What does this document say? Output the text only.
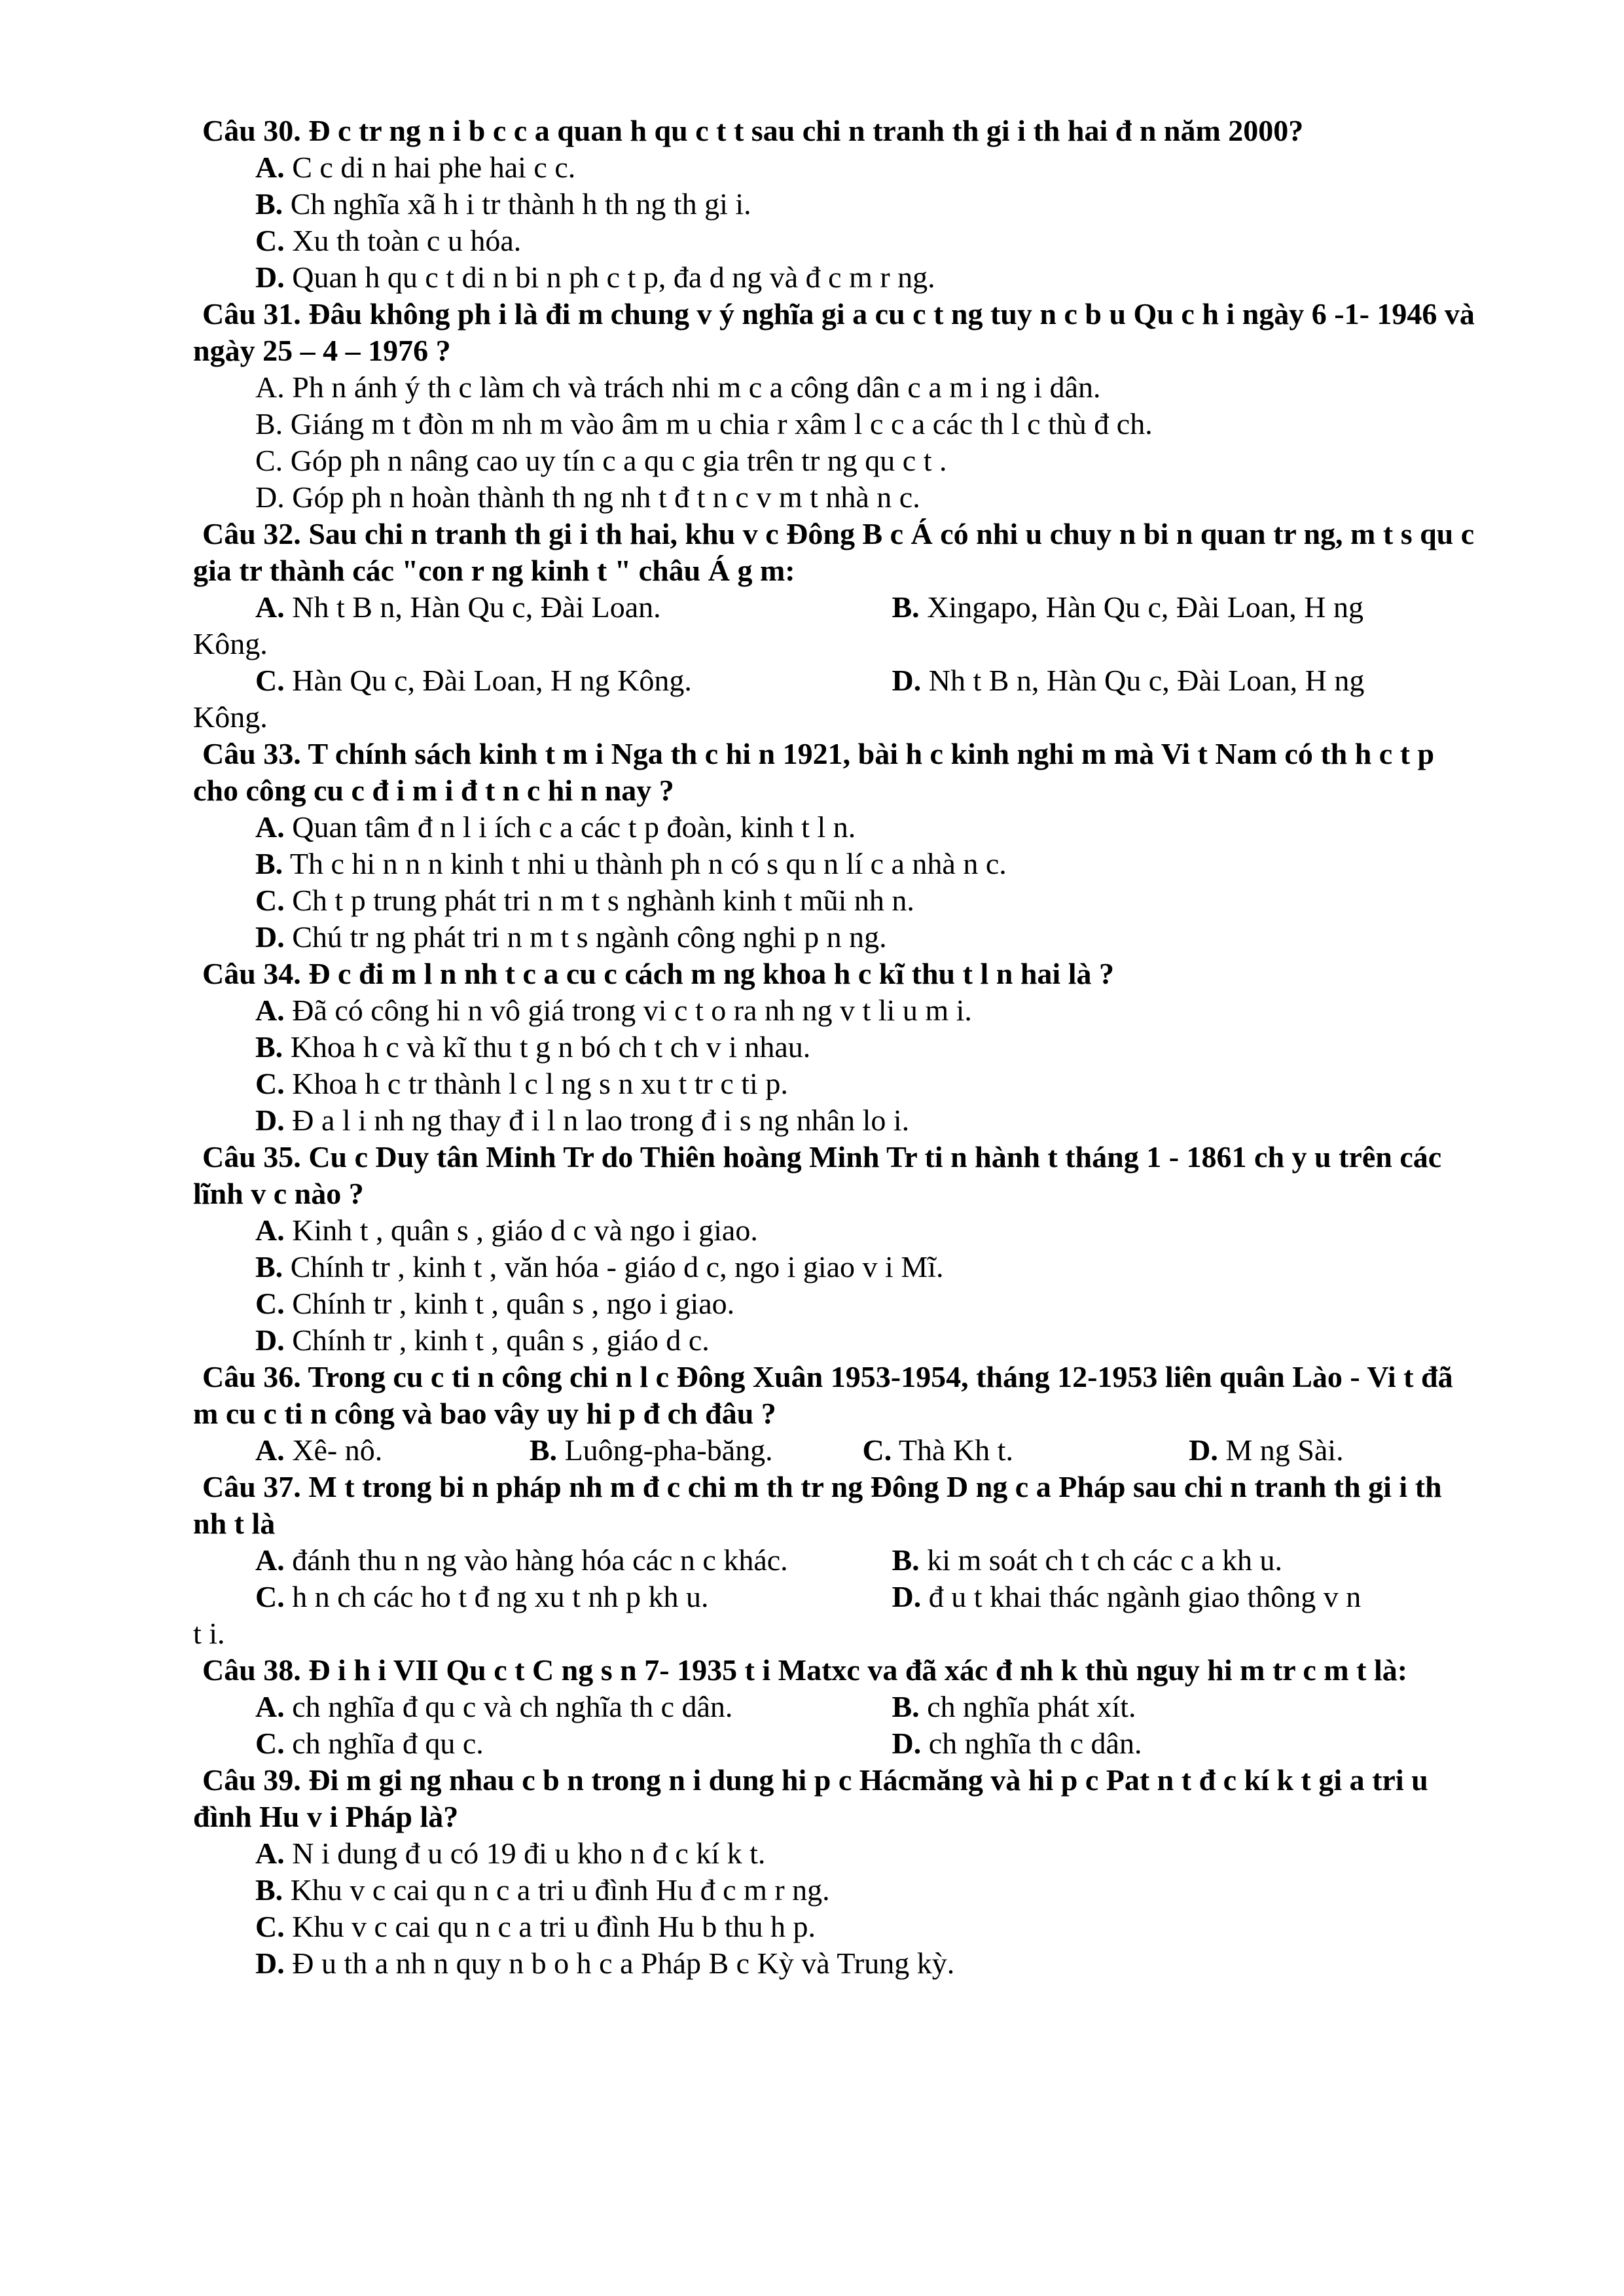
Câu 30. Đ c tr ng n i b c c a quan h qu c t t sau chi n tranh th gi i th hai đ n năm 2000?
A. C c di n hai phe hai c c.
B. Ch nghĩa xã h i tr thành h th ng th gi i.
C. Xu th toàn c u hóa.
D. Quan h qu c t di n bi n ph c t p, đa d ng và đ c m r ng.
Câu 31. Đâu không ph i là đi m chung v ý nghĩa gi a cu c t ng tuy n c b u Qu c h i ngày 6 -1- 1946 và ngày 25 – 4 – 1976 ?
A. Ph n ánh ý th c làm ch và trách nhi m c a công dân c a m i ng i dân.
B. Giáng m t đòn m nh m vào âm m u chia r xâm l c c a các th l c thù đ ch.
C. Góp ph n nâng cao uy tín c a qu c gia trên tr ng qu c t .
D. Góp ph n hoàn thành th ng nh t đ t n c v m t nhà n c.
Câu 32. Sau chi n tranh th gi i th hai, khu v c Đông B c Á có nhi u chuy n bi n quan tr ng, m t s qu c gia tr thành các "con r ng kinh t " châu Á g m:
A. Nh t B n, Hàn Qu c, Đài Loan.	B. Xingapo, Hàn Qu c, Đài Loan, H ng
Kông.
C. Hàn Qu c, Đài Loan, H ng Kông.	D. Nh t B n, Hàn Qu c, Đài Loan, H ng
Kông.
Câu 33. T chính sách kinh t m i Nga th c hi n 1921, bài h c kinh nghi m mà Vi t Nam có th h c t p cho công cu c đ i m i đ t n c hi n nay ?
A. Quan tâm đ n l i ích c a các t p đoàn, kinh t l n.
B. Th c hi n n n kinh t nhi u thành ph n có s qu n lí c a nhà n c.
C. Ch t p trung phát tri n m t s nghành kinh t mũi nh n.
D. Chú tr ng phát tri n m t s ngành công nghi p n ng.
Câu 34. Đ c đi m l n nh t c a cu c cách m ng khoa h c kĩ thu t l n hai là ?
A. Đã có công hi n vô giá trong vi c t o ra nh ng v t li u m i.
B. Khoa h c và kĩ thu t g n bó ch t ch v i nhau.
C. Khoa h c tr thành l c l ng s n xu t tr c ti p.
D. Đ a l i nh ng thay đ i l n lao trong đ i s ng nhân lo i.
Câu 35. Cu c Duy tân Minh Tr do Thiên hoàng Minh Tr ti n hành t tháng 1 - 1861 ch y u trên các lĩnh v c nào ?
A. Kinh t , quân s , giáo d c và ngo i giao.
B. Chính tr , kinh t , văn hóa - giáo d c, ngo i giao v i Mĩ.
C. Chính tr , kinh t , quân s , ngo i giao.
D. Chính tr , kinh t , quân s , giáo d c.
Câu 36. Trong cu c ti n công chi n l c Đông Xuân 1953-1954, tháng 12-1953 liên quân Lào - Vi t đã m cu c ti n công và bao vây uy hi p đ ch đâu ?
A. Xê- nô.	B. Luông-pha-băng.	C. Thà Kh t.	D. M ng Sài.
Câu 37. M t trong bi n pháp nh m đ c chi m th tr ng Đông D ng c a Pháp sau chi n tranh th gi i th nh t là
A. đánh thu n ng vào hàng hóa các n c khác.	B. ki m soát ch t ch các c a kh u.
C. h n ch các ho t đ ng xu t nh p kh u.	D. đ u t khai thác ngành giao thông v n
t i.
Câu 38. Đ i h i VII Qu c t C ng s n 7- 1935 t i Matxc va đã xác đ nh k thù nguy hi m tr c m t là:
A. ch nghĩa đ qu c và ch nghĩa th c dân.	B. ch nghĩa phát xít.
C. ch nghĩa đ qu c.	D. ch nghĩa th c dân.
Câu 39. Đi m gi ng nhau c b n trong n i dung hi p c Hácmăng và hi p c Pat n t đ c kí k t gi a tri u đình Hu v i Pháp là?
A. N i dung đ u có 19 đi u kho n đ c kí k t.
B. Khu v c cai qu n c a tri u đình Hu đ c m r ng.
C. Khu v c cai qu n c a tri u đình Hu b thu h p.
D. Đ u th a nh n quy n b o h c a Pháp B c Kỳ và Trung kỳ.
